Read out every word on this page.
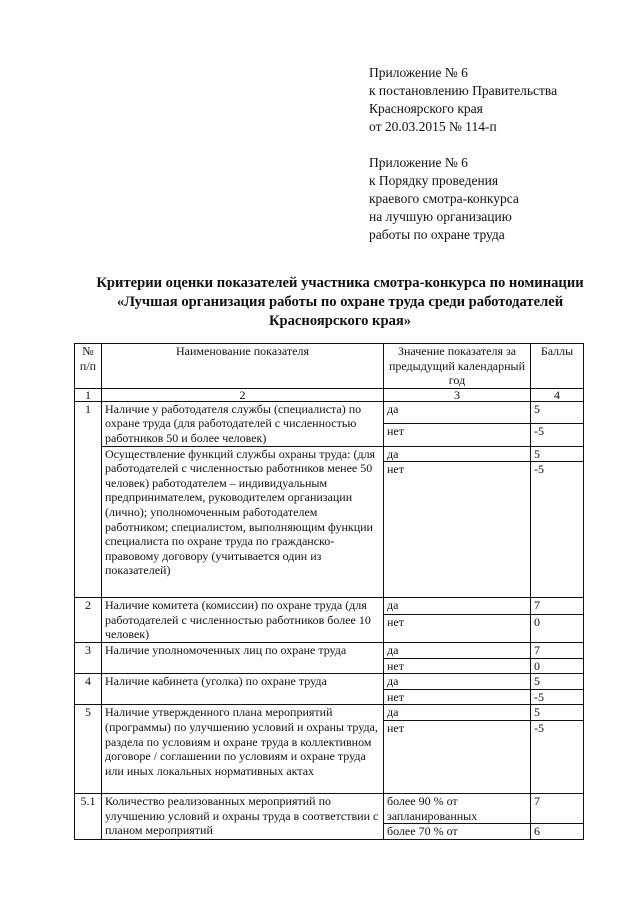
Приложение № 6
к постановлению Правительства
Красноярского края
от 20.03.2015 № 114-п
Приложение № 6
к Порядку проведения
краевого смотра-конкурса
на лучшую организацию
работы по охране труда
Критерии оценки показателей участника смотра-конкурса по номинации
«Лучшая организация работы по охране труда среди работодателей
Красноярского края»
№ п/п	Наименование показателя	Значение показателя за предыдущий календарный год	Баллы
1	2	3	4
1	Наличие у работодателя службы (специалиста) по охране труда (для работодателей с численностью работников 50 и более человек)	да	5
		нет	-5
	Осуществление функций службы охраны труда: (для работодателей с численностью работников менее 50 человек) работодателем – индивидуальным предпринимателем, руководителем организации (лично); уполномоченным работодателем работником; специалистом, выполняющим функции специалиста по охране труда по гражданско-правовому договору (учитывается один из показателей)	да	5
		нет	-5
2	Наличие комитета (комиссии) по охране труда (для работодателей с численностью работников более 10 человек)	да	7
		нет	0
3	Наличие уполномоченных лиц по охране труда	да	7
		нет	0
4	Наличие кабинета (уголка) по охране труда	да	5
		нет	-5
5	Наличие утвержденного плана мероприятий (программы) по улучшению условий и охраны труда, раздела по условиям и охране труда в коллективном договоре / соглашении по условиям и охране труда или иных локальных нормативных актах	да	5
		нет	-5
5.1	Количество реализованных мероприятий по улучшению условий и охраны труда в соответствии с планом мероприятий	более 90 % от запланированных	7
		более 70 % от	6
